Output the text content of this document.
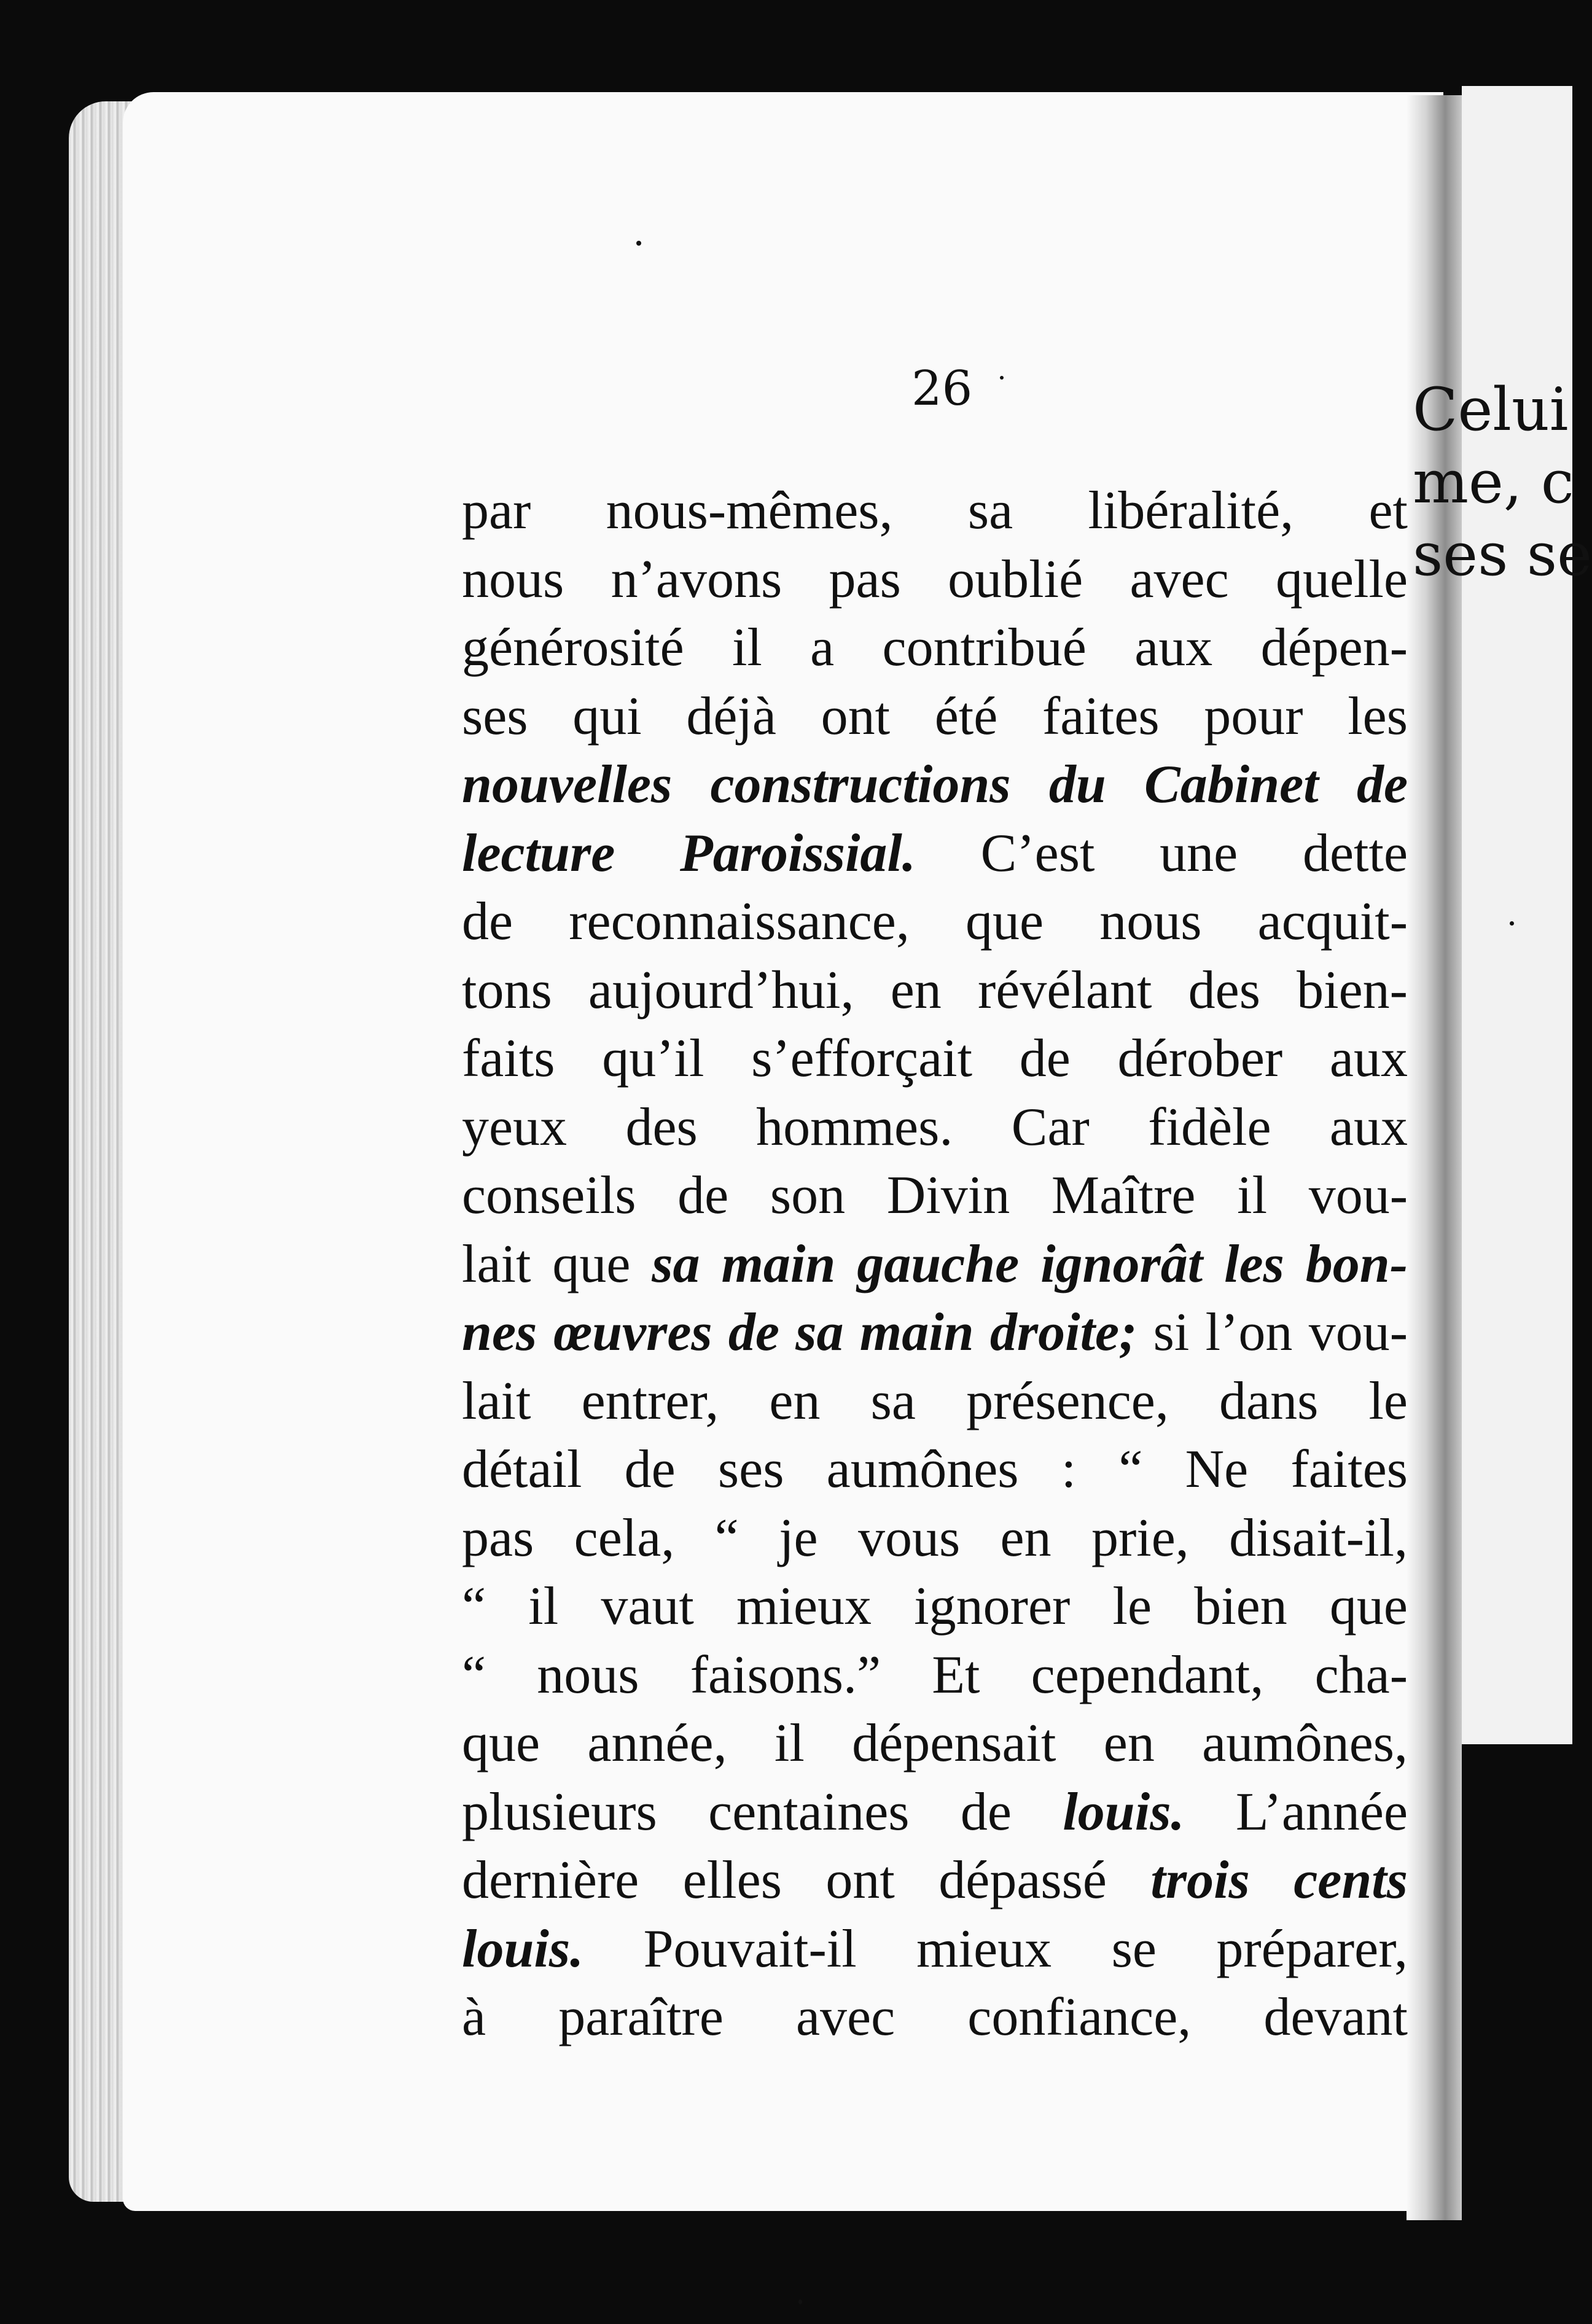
Celui
me, c
ses se
26
par nous-mêmes, sa libéralité, et
nous n’avons pas oublié avec quelle
générosité il a contribué aux dépen-
ses qui déjà ont été faites pour les
nouvelles constructions du Cabinet de
lecture Paroissial. C’est une dette
de reconnaissance, que nous acquit-
tons aujourd’hui, en révélant des bien-
faits qu’il s’efforçait de dérober aux
yeux des hommes. Car fidèle aux
conseils de son Divin Maître il vou-
lait que sa main gauche ignorât les bon-
nes œuvres de sa main droite; si l’on vou-
lait entrer, en sa présence, dans le
détail de ses aumônes : “ Ne faites
pas cela, “ je vous en prie, disait-il,
“ il vaut mieux ignorer le bien que
“ nous faisons.” Et cependant, cha-
que année, il dépensait en aumônes,
plusieurs centaines de louis. L’année
dernière elles ont dépassé trois cents
louis. Pouvait-il mieux se préparer,
à paraître avec confiance, devant
